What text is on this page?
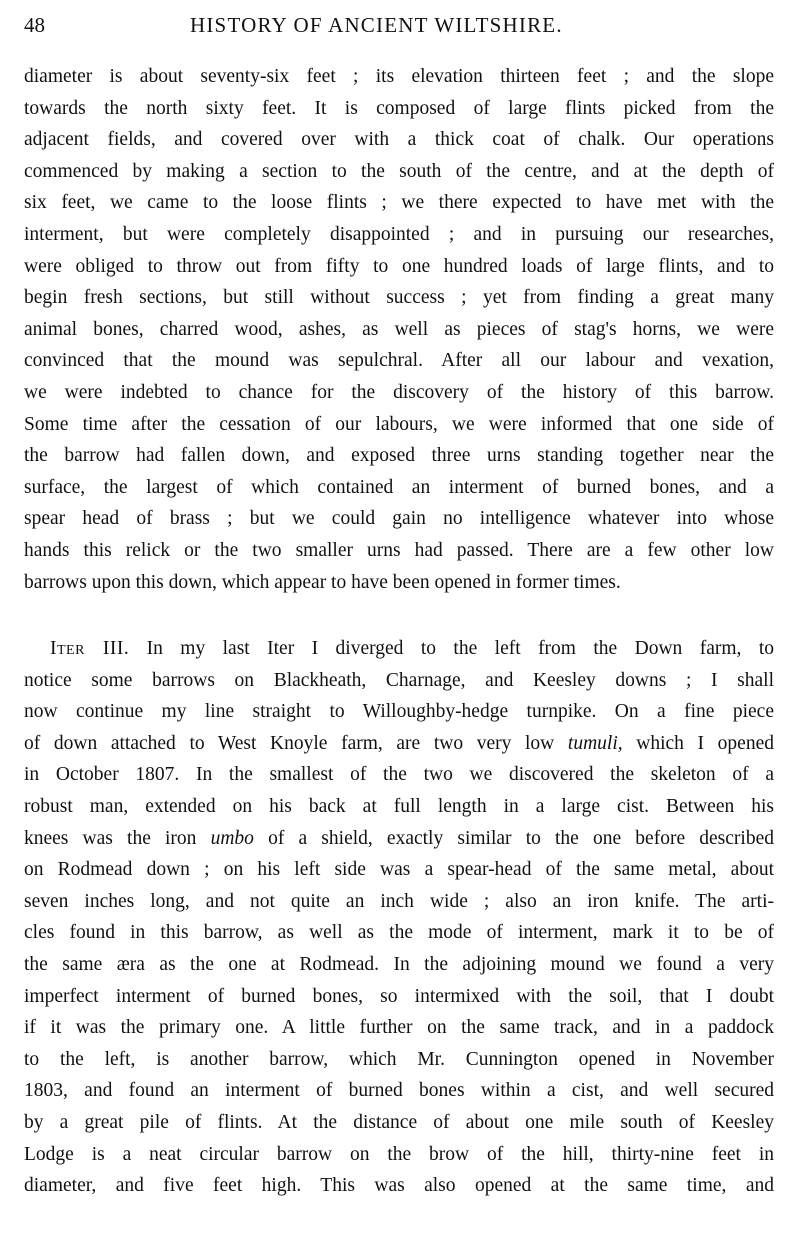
48	HISTORY OF ANCIENT WILTSHIRE.
diameter is about seventy-six feet ; its elevation thirteen feet ; and the slope
towards the north sixty feet. It is composed of large flints picked from the
adjacent fields, and covered over with a thick coat of chalk. Our operations
commenced by making a section to the south of the centre, and at the depth of
six feet, we came to the loose flints ; we there expected to have met with the
interment, but were completely disappointed ; and in pursuing our researches,
were obliged to throw out from fifty to one hundred loads of large flints, and to
begin fresh sections, but still without success ; yet from finding a great many
animal bones, charred wood, ashes, as well as pieces of stag's horns, we were
convinced that the mound was sepulchral. After all our labour and vexation,
we were indebted to chance for the discovery of the history of this barrow.
Some time after the cessation of our labours, we were informed that one side of
the barrow had fallen down, and exposed three urns standing together near the
surface, the largest of which contained an interment of burned bones, and a
spear head of brass ; but we could gain no intelligence whatever into whose
hands this relick or the two smaller urns had passed. There are a few other low
barrows upon this down, which appear to have been opened in former times.
Iter III. In my last Iter I diverged to the left from the Down farm, to
notice some barrows on Blackheath, Charnage, and Keesley downs ; I shall
now continue my line straight to Willoughby-hedge turnpike. On a fine piece
of down attached to West Knoyle farm, are two very low tumuli, which I opened
in October 1807. In the smallest of the two we discovered the skeleton of a
robust man, extended on his back at full length in a large cist. Between his
knees was the iron umbo of a shield, exactly similar to the one before described
on Rodmead down ; on his left side was a spear-head of the same metal, about
seven inches long, and not quite an inch wide ; also an iron knife. The arti-
cles found in this barrow, as well as the mode of interment, mark it to be of
the same æra as the one at Rodmead. In the adjoining mound we found a very
imperfect interment of burned bones, so intermixed with the soil, that I doubt
if it was the primary one. A little further on the same track, and in a paddock
to the left, is another barrow, which Mr. Cunnington opened in November
1803, and found an interment of burned bones within a cist, and well secured
by a great pile of flints. At the distance of about one mile south of Keesley
Lodge is a neat circular barrow on the brow of the hill, thirty-nine feet in
diameter, and five feet high. This was also opened at the same time, and
